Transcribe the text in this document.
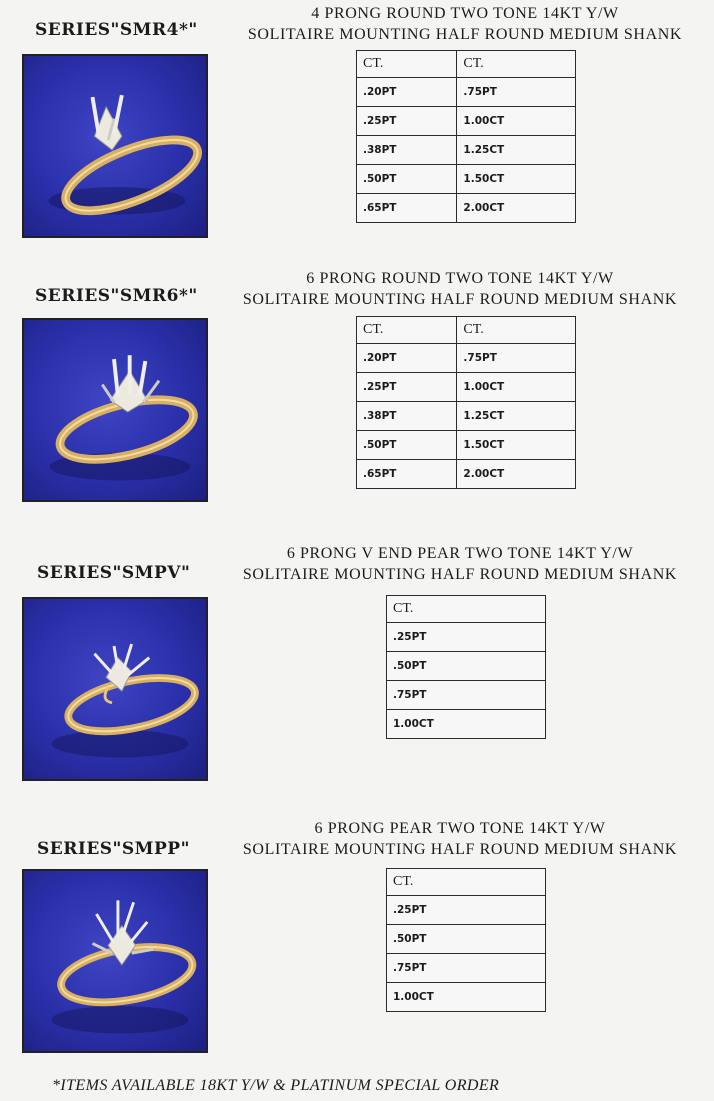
SERIES"SMR4*"
4 PRONG ROUND TWO TONE 14KT Y/W
SOLITAIRE MOUNTING HALF ROUND MEDIUM SHANK
CT.	CT.
.20PT	.75PT
.25PT	1.00CT
.38PT	1.25CT
.50PT	1.50CT
.65PT	2.00CT
SERIES"SMR6*"
6 PRONG ROUND TWO TONE 14KT Y/W
SOLITAIRE MOUNTING HALF ROUND MEDIUM SHANK
CT.	CT.
.20PT	.75PT
.25PT	1.00CT
.38PT	1.25CT
.50PT	1.50CT
.65PT	2.00CT
SERIES"SMPV"
6 PRONG V END PEAR TWO TONE 14KT Y/W
SOLITAIRE MOUNTING HALF ROUND MEDIUM SHANK
CT.
.25PT
.50PT
.75PT
1.00CT
SERIES"SMPP"
6 PRONG PEAR TWO TONE 14KT Y/W
SOLITAIRE MOUNTING HALF ROUND MEDIUM SHANK
CT.
.25PT
.50PT
.75PT
1.00CT
*ITEMS AVAILABLE 18KT Y/W & PLATINUM SPECIAL ORDER
